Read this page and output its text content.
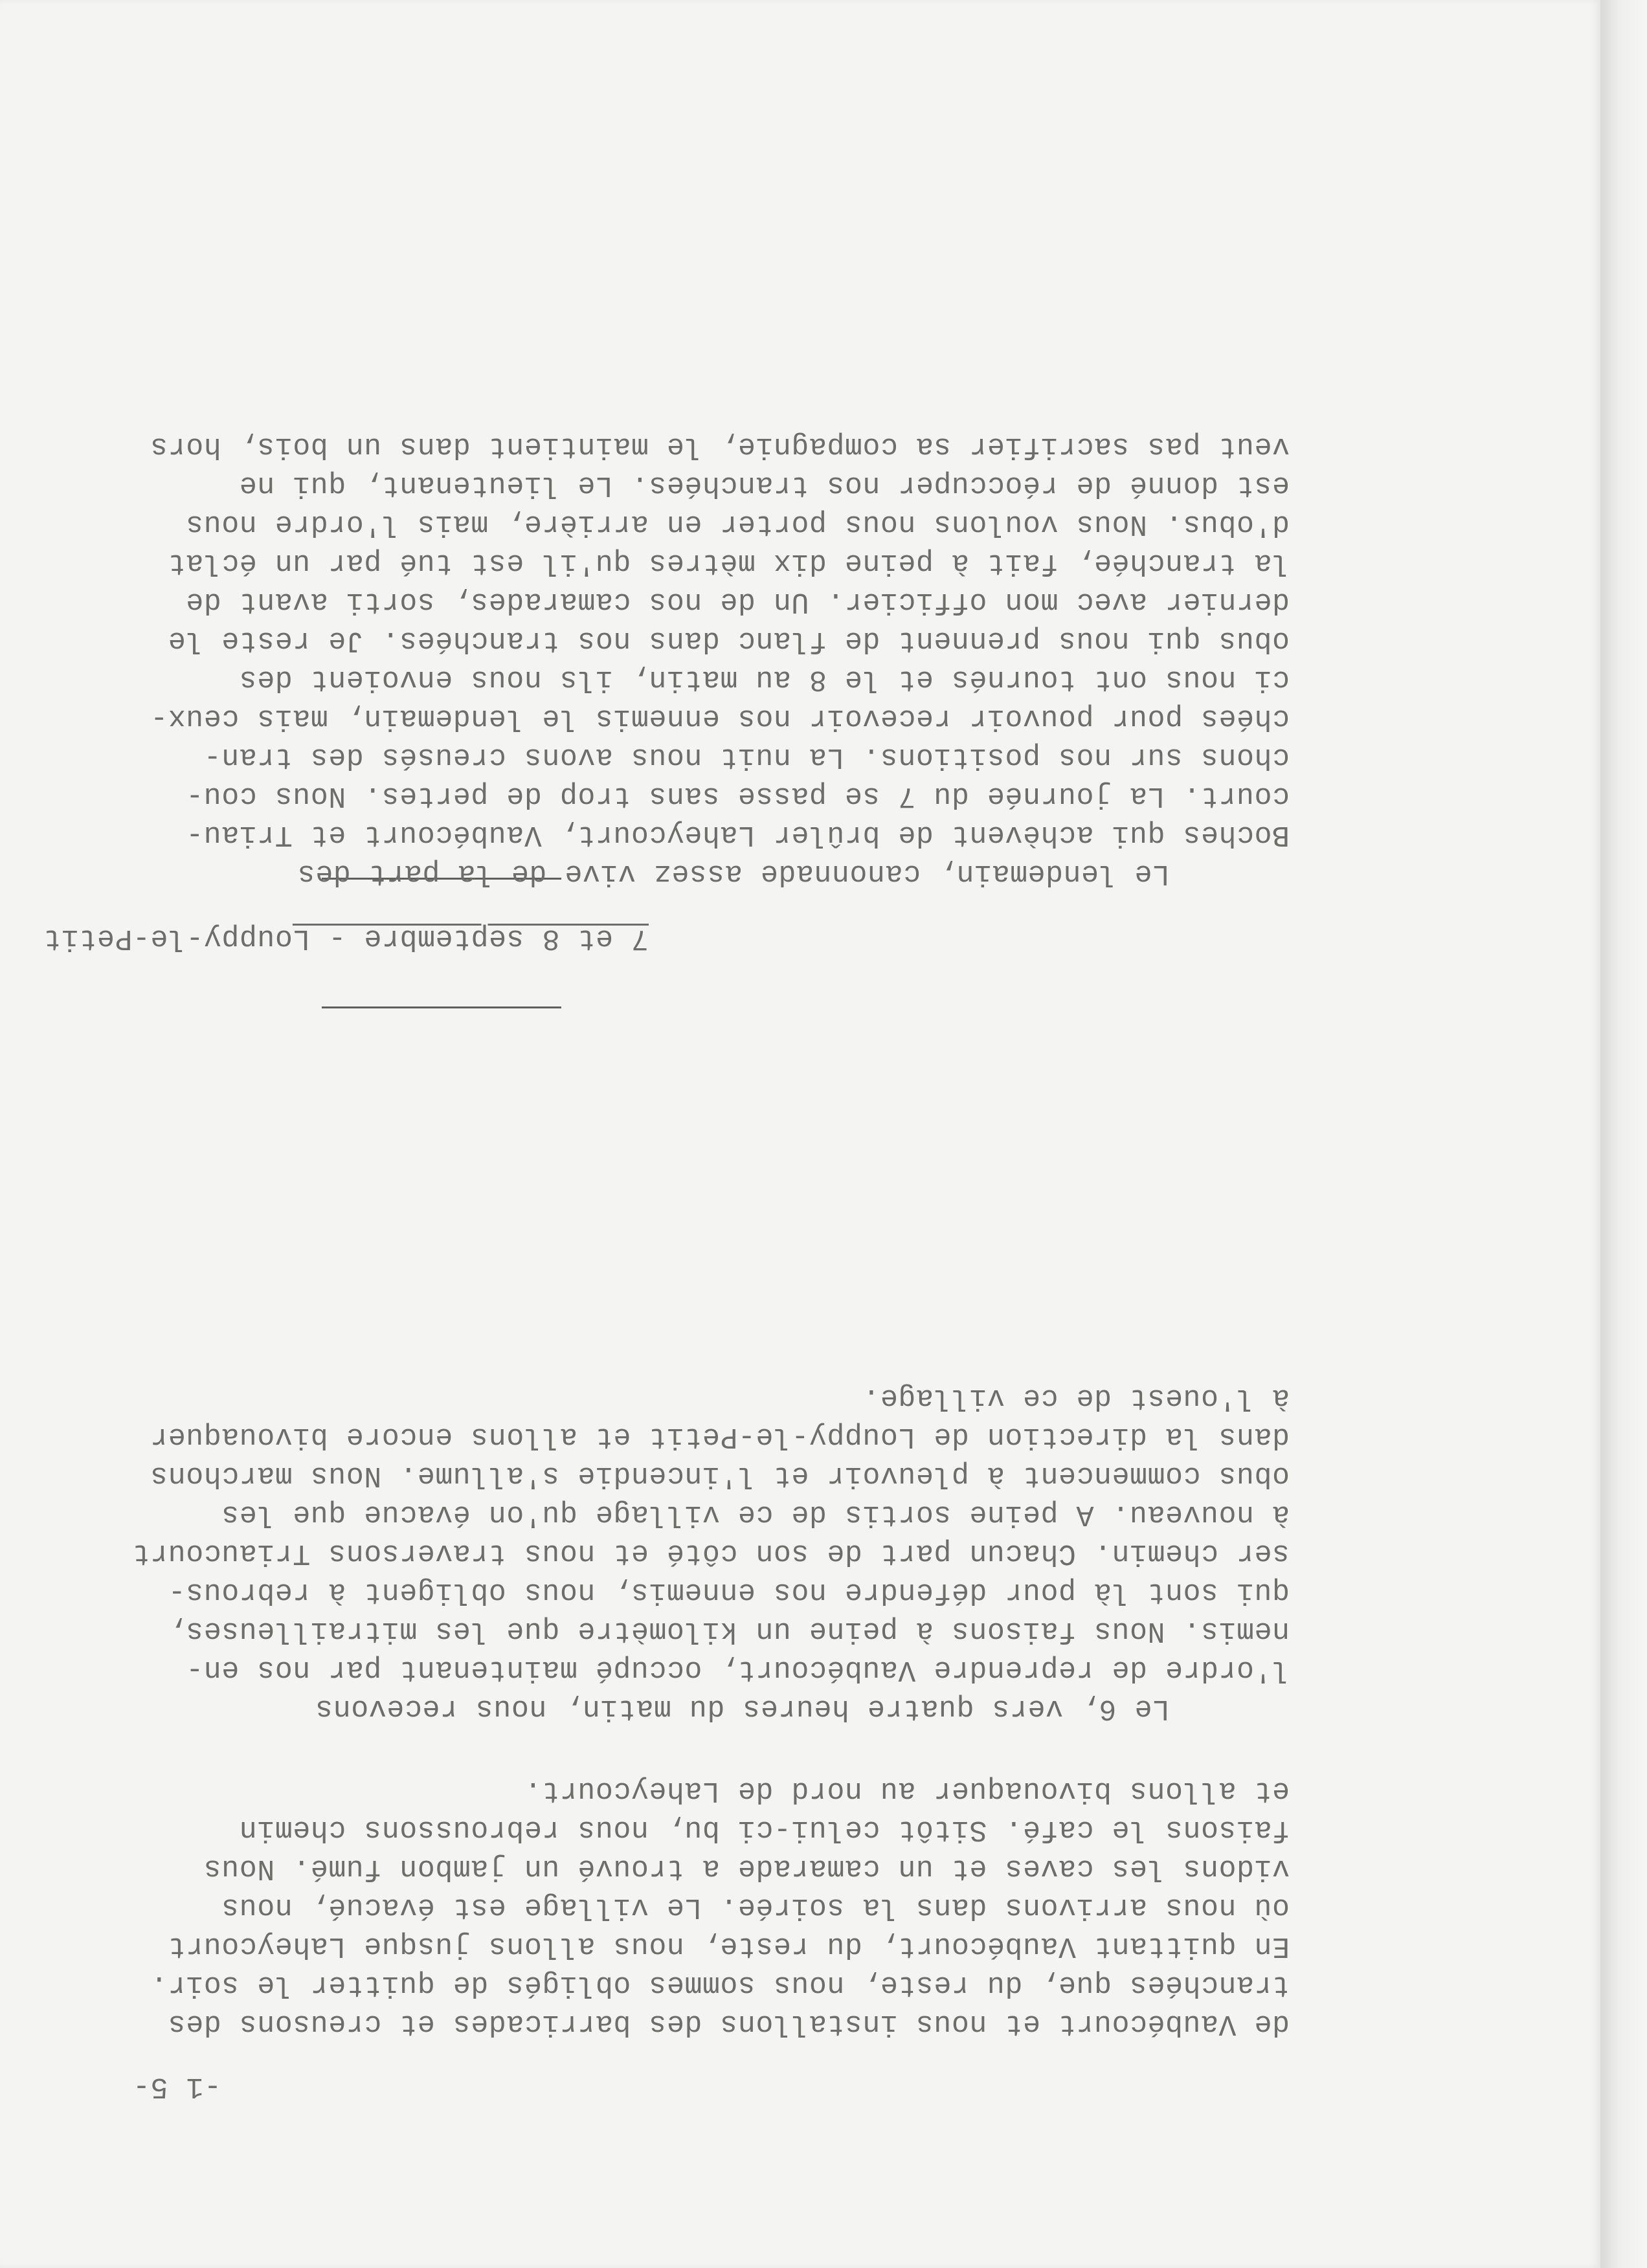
-1 5-
de Vaubécourt et nous installons des barricades et creusons des
tranchées que, du reste, nous sommes obligés de quitter le soir.
En quittant Vaubécourt, du reste, nous allons jusque Laheycourt
où nous arrivons dans la soirée. Le village est évacué, nous
vidons les caves et un camarade a trouvé un jambon fumé. Nous
faisons le café. Sitôt celui-ci bu, nous rebroussons chemin
et allons bivouaquer au nord de Laheycourt.
Le 6, vers quatre heures du matin, nous recevons
l'ordre de reprendre Vaubécourt, occupé maintenant par nos en-
nemis. Nous faisons à peine un kilomètre que les mitrailleuses,
qui sont là pour défendre nos ennemis, nous obligent à rebrous-
ser chemin. Chacun part de son côté et nous traversons Triaucourt
à nouveau. A peine sortis de ce village qu'on évacue que les
obus commencent à pleuvoir et l'incendie s'allume. Nous marchons
dans la direction de Louppy-le-Petit et allons encore bivouaquer
à l'ouest de ce village.
7 et 8 septembre - Louppy-le-Petit
Le lendemain, canonnade assez vive de la part des
Boches qui achèvent de brûler Laheycourt, Vaubécourt et Triau-
court. La journée du 7 se passe sans trop de pertes. Nous cou-
chons sur nos positions. La nuit nous avons creusés des tran-
chées pour pouvoir recevoir nos ennemis le lendemain, mais ceux-
ci nous ont tournés et le 8 au matin, ils nous envoient des
obus qui nous prennent de flanc dans nos tranchées. Je reste le
dernier avec mon officier. Un de nos camarades, sorti avant de
la tranchée, fait à peine dix mètres qu'il est tué par un éclat
d'obus. Nous voulons nous porter en arrière, mais l'ordre nous
est donné de réoccuper nos tranchées. Le lieutenant, qui ne
veut pas sacrifier sa compagnie, le maintient dans un bois, hors
